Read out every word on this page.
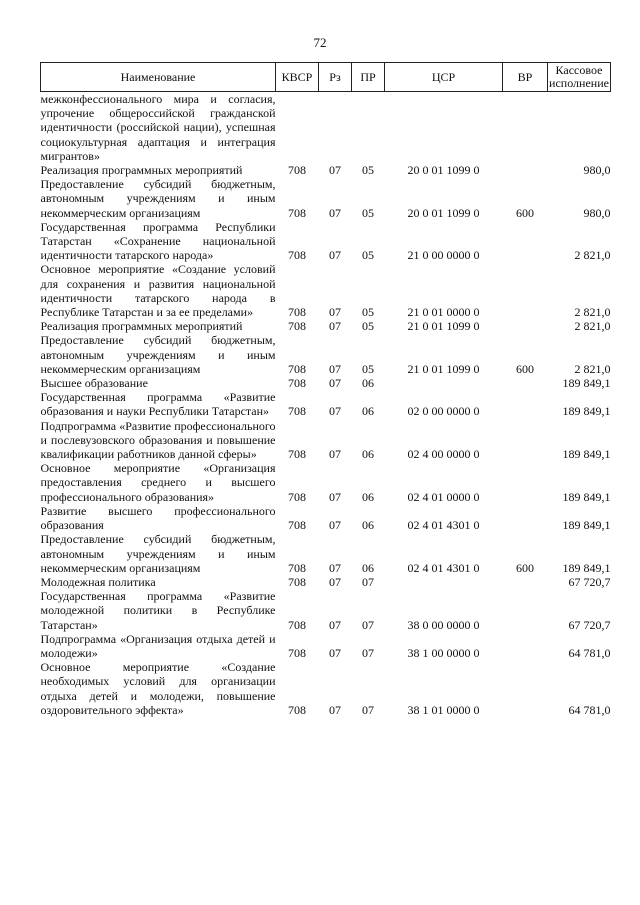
72
Наименование	КВСР	Рз	ПР	ЦСР	ВР	Кассовое исполнение
межконфессионального мира и согласия, упрочение общероссийской гражданской идентичности (российской нации), успешная социокультурная адаптация и интеграция мигрантов»						
Реализация программных мероприятий	708	07	05	20 0 01 1099 0		980,0
Предоставление субсидий бюджетным, автономным учреждениям и иным некоммерческим организациям	708	07	05	20 0 01 1099 0	600	980,0
Государственная программа Республики Татарстан «Сохранение национальной идентичности татарского народа»	708	07	05	21 0 00 0000 0		2 821,0
Основное мероприятие «Создание условий для сохранения и развития национальной идентичности татарского народа в Республике Татарстан и за ее пределами»	708	07	05	21 0 01 0000 0		2 821,0
Реализация программных мероприятий	708	07	05	21 0 01 1099 0		2 821,0
Предоставление субсидий бюджетным, автономным учреждениям и иным некоммерческим организациям	708	07	05	21 0 01 1099 0	600	2 821,0
Высшее образование	708	07	06			189 849,1
Государственная программа «Развитие образования и науки Республики Татарстан»	708	07	06	02 0 00 0000 0		189 849,1
Подпрограмма «Развитие профессионального и послевузовского образования и повышение квалификации работников данной сферы»	708	07	06	02 4 00 0000 0		189 849,1
Основное мероприятие «Организация предоставления среднего и высшего профессионального образования»	708	07	06	02 4 01 0000 0		189 849,1
Развитие высшего профессионального образования	708	07	06	02 4 01 4301 0		189 849,1
Предоставление субсидий бюджетным, автономным учреждениям и иным некоммерческим организациям	708	07	06	02 4 01 4301 0	600	189 849,1
Молодежная политика	708	07	07			67 720,7
Государственная программа «Развитие молодежной политики в Республике Татарстан»	708	07	07	38 0 00 0000 0		67 720,7
Подпрограмма «Организация отдыха детей и молодежи»	708	07	07	38 1 00 0000 0		64 781,0
Основное мероприятие «Создание необходимых условий для организации отдыха детей и молодежи, повышение оздоровительного эффекта»	708	07	07	38 1 01 0000 0		64 781,0
